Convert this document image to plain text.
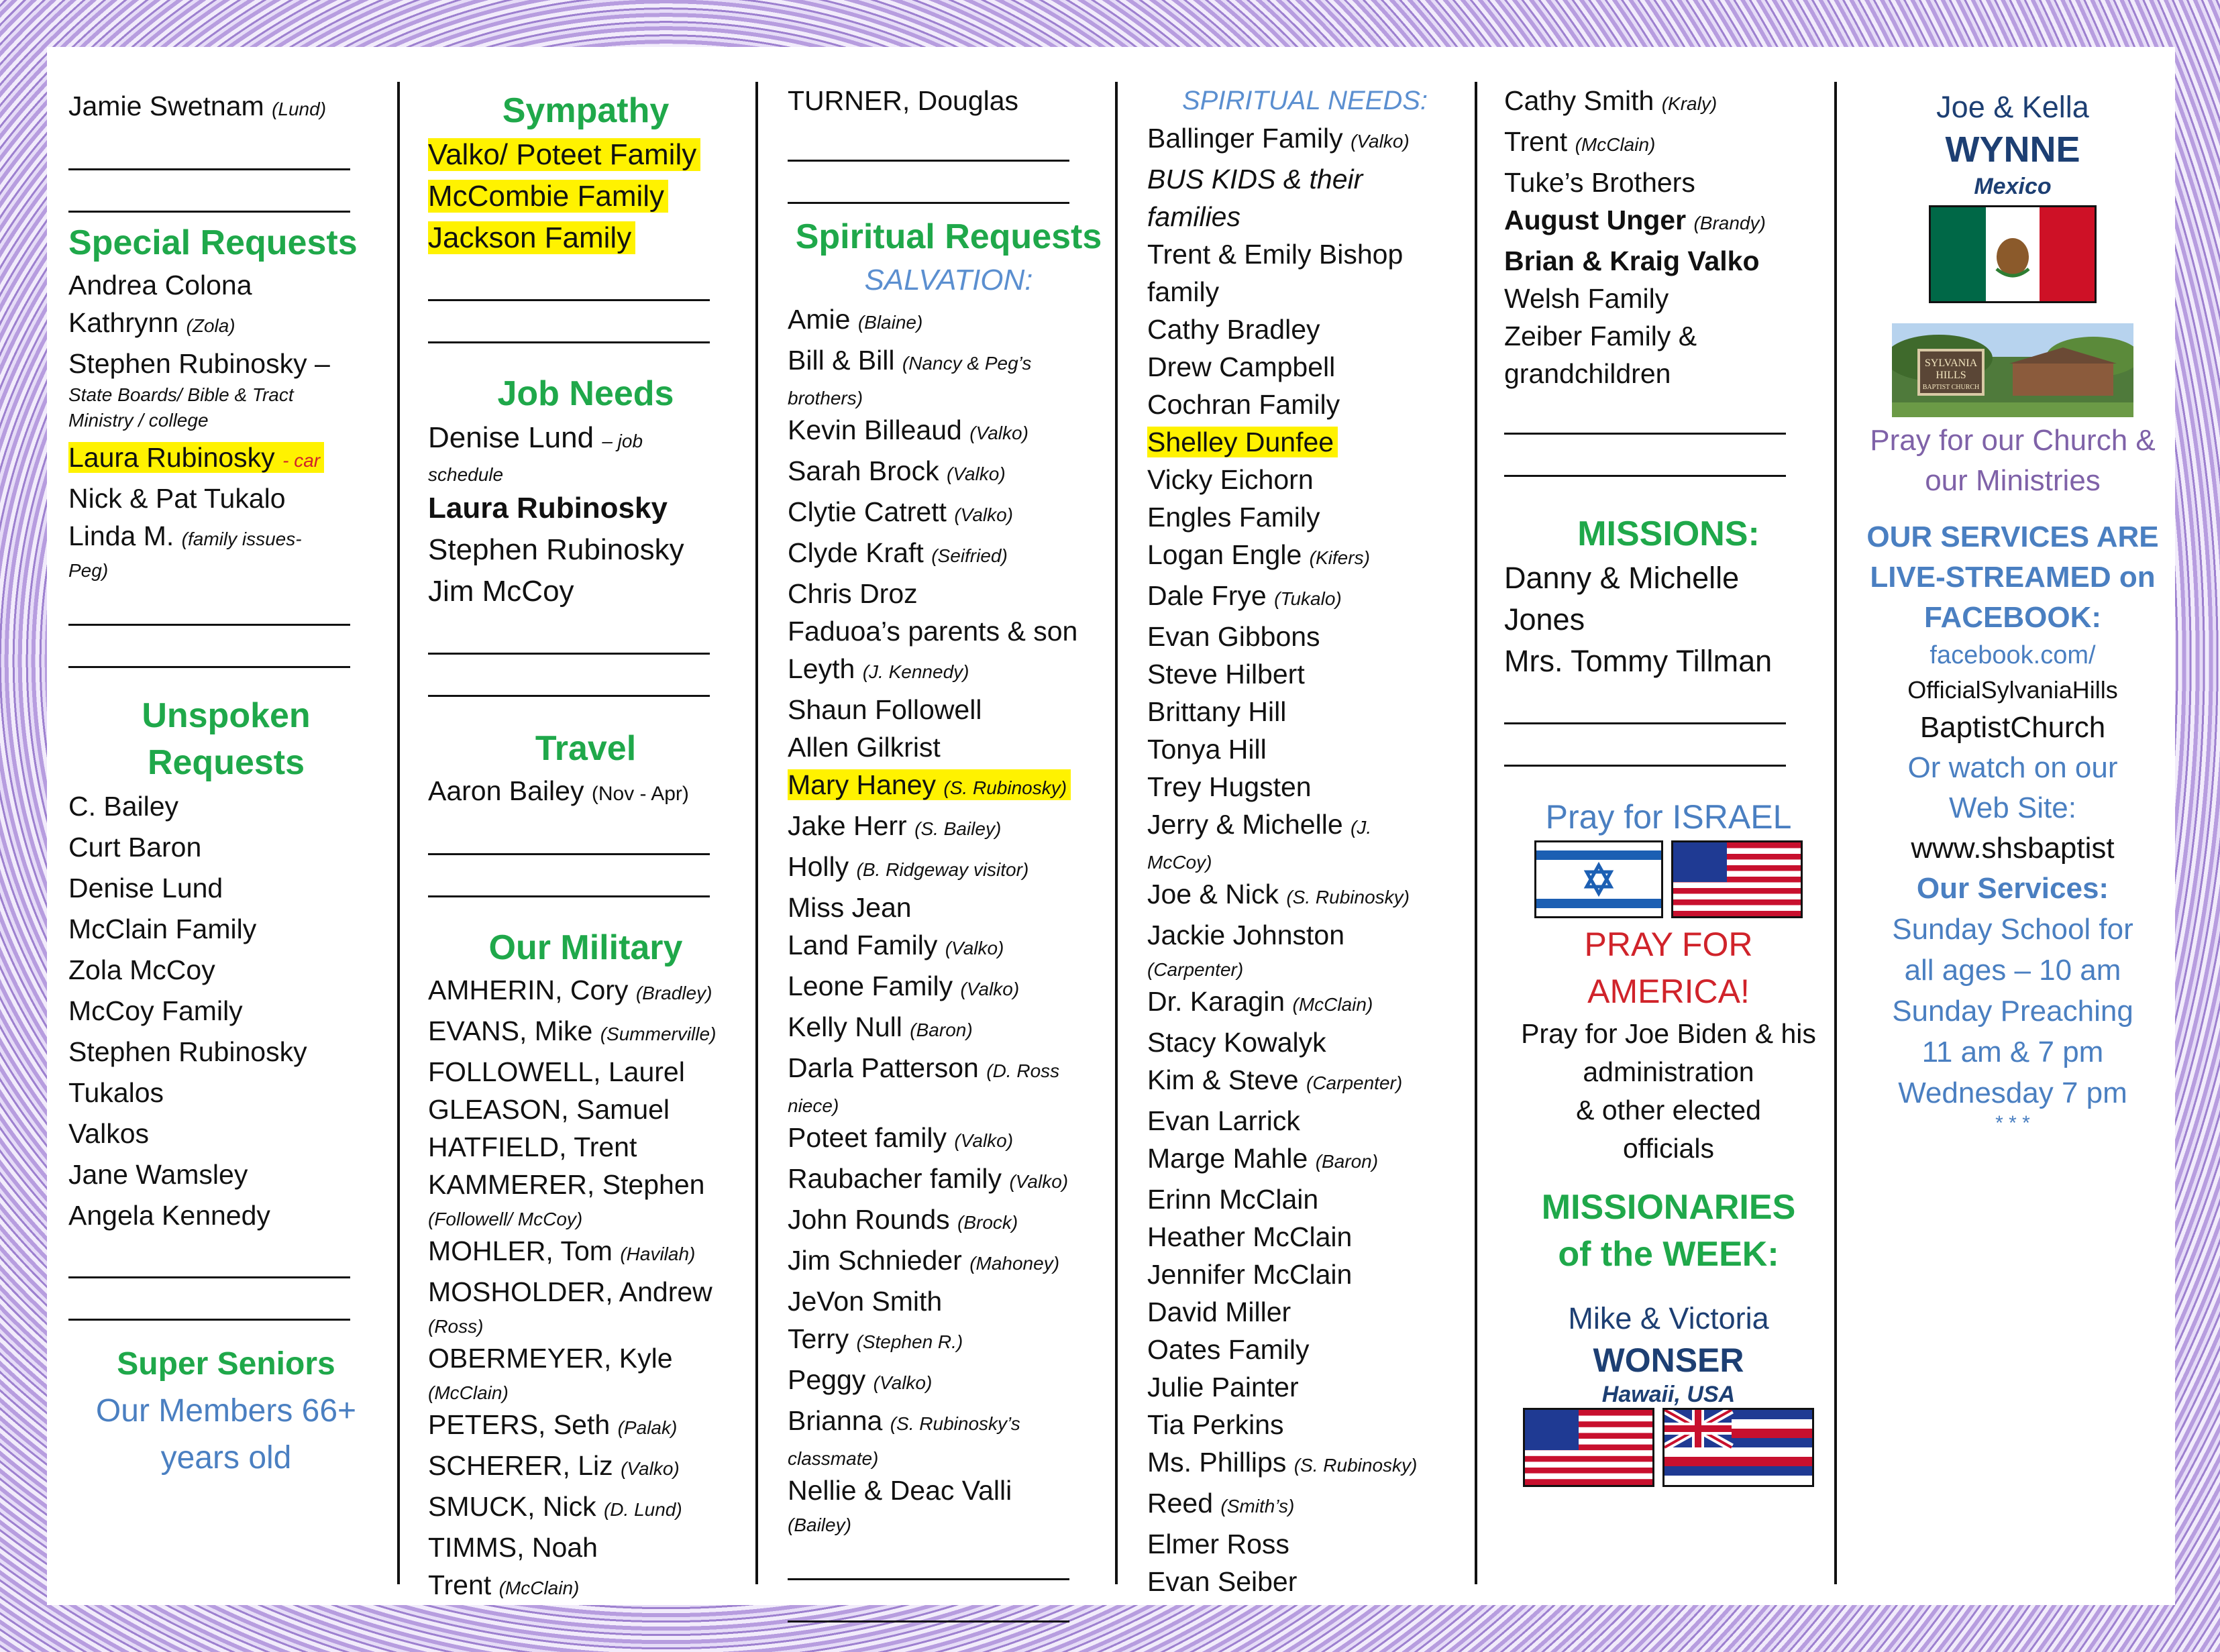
Jamie Swetnam (Lund)

Special Requests

Andrea Colona

Kathrynn (Zola)

Stephen Rubinosky –

State Boards/ Bible & Tract

Ministry / college

Laura Rubinosky - car

Nick & Pat Tukalo

Linda M. (family issues-

Peg)

Unspoken
Requests

C. Bailey

Curt Baron

Denise Lund

McClain Family

Zola McCoy

McCoy Family

Stephen Rubinosky

Tukalos

Valkos

Jane Wamsley

Angela Kennedy

Super Seniors
Our Members 66+
years old
Sympathy

Valko/ Poteet Family

McCombie Family

Jackson Family

Job Needs

Denise Lund – job

schedule

Laura Rubinosky

Stephen Rubinosky

Jim McCoy

Travel

Aaron Bailey (Nov - Apr)

Our Military

AMHERIN, Cory (Bradley)

EVANS, Mike (Summerville)

FOLLOWELL, Laurel

GLEASON, Samuel

HATFIELD, Trent

KAMMERER, Stephen

(Followell/ McCoy)

MOHLER, Tom (Havilah)

MOSHOLDER, Andrew

(Ross)

OBERMEYER, Kyle

(McClain)

PETERS, Seth (Palak)

SCHERER, Liz (Valko)

SMUCK, Nick (D. Lund)

TIMMS, Noah

Trent (McClain)

TURNER, Douglas

Spiritual Requests
SALVATION:

Amie (Blaine)

Bill & Bill (Nancy & Peg’s

brothers)

Kevin Billeaud (Valko)

Sarah Brock (Valko)

Clytie Catrett (Valko)

Clyde Kraft (Seifried)

Chris Droz

Faduoa’s parents & son

Leyth (J. Kennedy)

Shaun Followell

Allen Gilkrist

Mary Haney (S. Rubinosky)

Jake Herr (S. Bailey)

Holly (B. Ridgeway visitor)

Miss Jean

Land Family (Valko)

Leone Family (Valko)

Kelly Null (Baron)

Darla Patterson (D. Ross

niece)

Poteet family (Valko)

Raubacher family (Valko)

John Rounds (Brock)

Jim Schnieder (Mahoney)

JeVon Smith

Terry (Stephen R.)

Peggy (Valko)

Brianna (S. Rubinosky’s

classmate)

Nellie & Deac Valli

(Bailey)

SPIRITUAL NEEDS:

Ballinger Family (Valko)

BUS KIDS & their

families

Trent & Emily Bishop

family

Cathy Bradley

Drew Campbell

Cochran Family

Shelley Dunfee

Vicky Eichorn

Engles Family

Logan Engle (Kifers)

Dale Frye (Tukalo)

Evan Gibbons

Steve Hilbert

Brittany Hill

Tonya Hill

Trey Hugsten

Jerry & Michelle (J.

McCoy)

Joe & Nick (S. Rubinosky)

Jackie Johnston

(Carpenter)

Dr. Karagin (McClain)

Stacy Kowalyk

Kim & Steve (Carpenter)

Evan Larrick

Marge Mahle (Baron)

Erinn McClain

Heather McClain

Jennifer McClain

David Miller

Oates Family

Julie Painter

Tia Perkins

Ms. Phillips (S. Rubinosky)

Reed (Smith’s)

Elmer Ross

Evan Seiber

Cathy Smith (Kraly)

Trent (McClain)

Tuke’s Brothers

August Unger (Brandy)

Brian & Kraig Valko

Welsh Family

Zeiber Family &

grandchildren

MISSIONS:

Danny & Michelle

Jones

Mrs. Tommy Tillman

Pray for ISRAEL

PRAY FOR
AMERICA!

Pray for Joe Biden & his

administration

& other elected

officials

MISSIONARIES
of the WEEK:
Mike & Victoria
WONSER
Hawaii, USA

Joe & Kella
WYNNE
Mexico
SYLVANIA
HILLS
BAPTIST CHURCH
Pray for our Church &
our Ministries
OUR SERVICES ARE
LIVE-STREAMED on
FACEBOOK:
facebook.com/
OfficialSylvaniaHills
BaptistChurch
Or watch on our
Web Site:
www.shsbaptist
Our Services:

Sunday School for

all ages – 10 am

Sunday Preaching

11 am & 7 pm

Wednesday 7 pm

* * *
